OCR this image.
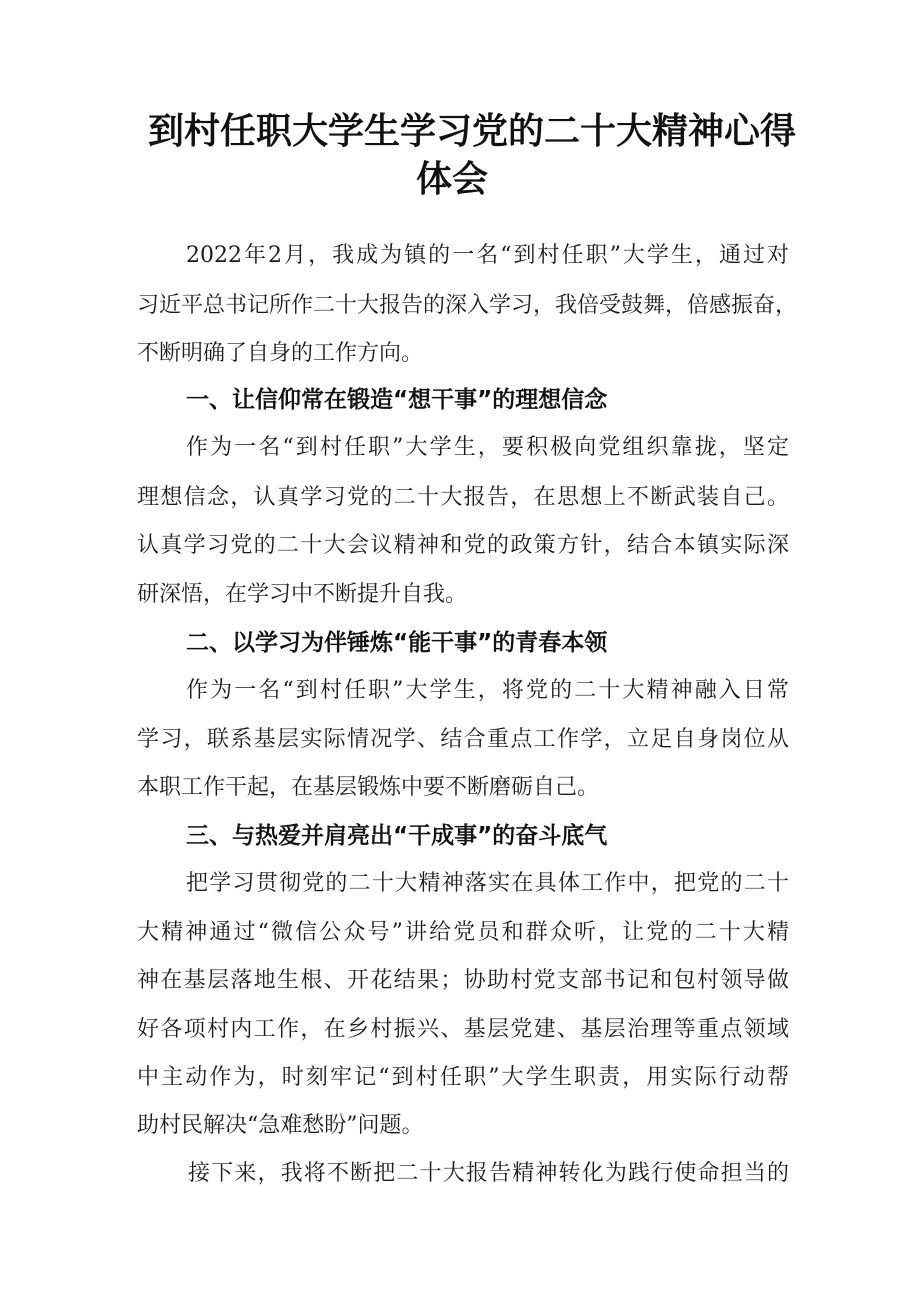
到村任职大学生学习党的二十大精神心得
体会
2022年2月，我成为镇的一名“到村任职”大学生，通过对
习近平总书记所作二十大报告的深入学习，我倍受鼓舞，倍感振奋，
不断明确了自身的工作方向。
一、让信仰常在锻造“想干事”的理想信念
作为一名“到村任职”大学生，要积极向党组织靠拢，坚定
理想信念，认真学习党的二十大报告，在思想上不断武装自己。
认真学习党的二十大会议精神和党的政策方针，结合本镇实际深
研深悟，在学习中不断提升自我。
二、以学习为伴锤炼“能干事”的青春本领
作为一名“到村任职”大学生，将党的二十大精神融入日常
学习，联系基层实际情况学、结合重点工作学，立足自身岗位从
本职工作干起，在基层锻炼中要不断磨砺自己。
三、与热爱并肩亮出“干成事”的奋斗底气
把学习贯彻党的二十大精神落实在具体工作中，把党的二十
大精神通过“微信公众号”讲给党员和群众听，让党的二十大精
神在基层落地生根、开花结果；协助村党支部书记和包村领导做
好各项村内工作，在乡村振兴、基层党建、基层治理等重点领域
中主动作为，时刻牢记“到村任职”大学生职责，用实际行动帮
助村民解决“急难愁盼”问题。
接下来，我将不断把二十大报告精神转化为践行使命担当的
